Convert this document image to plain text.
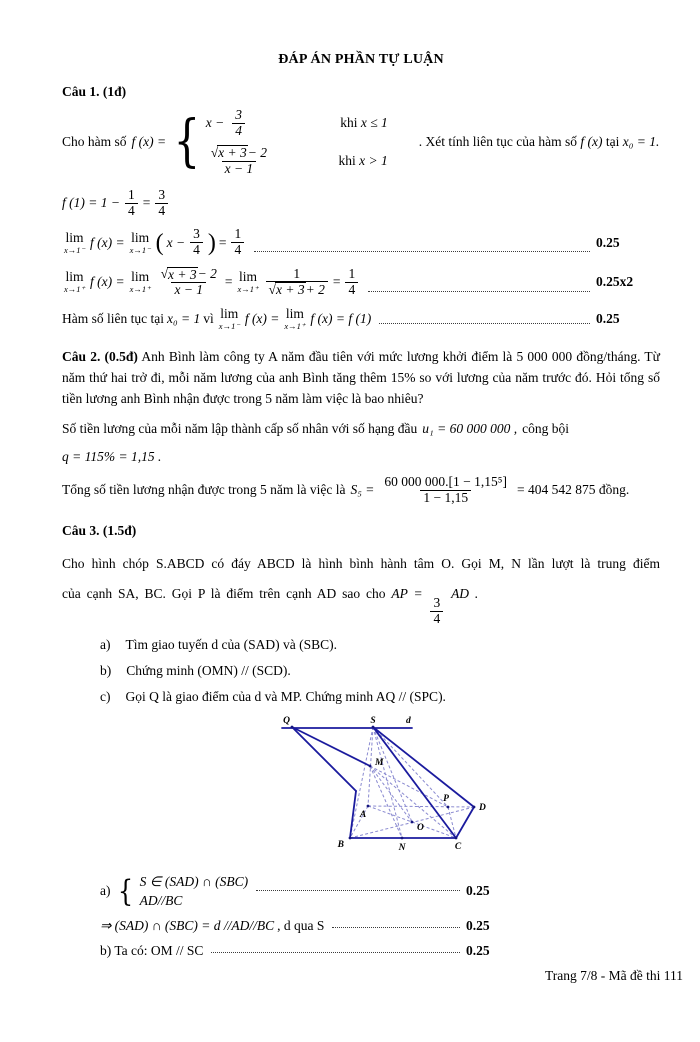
ĐÁP ÁN PHẦN TỰ LUẬN
Câu 1. (1đ)
Cho hàm số f (x) = { $x - \frac{3}{4}$	khi x ≤ 1
$\frac{√ x + 3 - 2}{x - 1}$	khi x > 1
. Xét tính liên tục của hàm số f (x) tại x₀ = 1.
f $(1) = 1 - \frac{1}{4} = \frac{3}{4}$
lim
x→1⁻
f (x) = lim
x→1⁻ ( $x - \frac{3}{4}$ ) = $\frac{1}{4}$	0.25
lim
x→1⁺
f (x) = lim
$x\to 1^+ \frac{√ x + 3 - 2}{x - 1} = \lim$
$x\to 1^+ \frac{1}{√ x + 3 + 2} = \frac{1}{4}$	0.25x2
Hàm số liên tục tại x₀ = 1 vì lim
x→1⁻
f (x) = lim
x→1⁺
f (x) = f (1)	0.25

Câu 2. (0.5đ) Anh Bình làm công ty A năm đầu tiên với mức lương khởi điểm là 5 000 000 đồng/tháng. Từ năm thứ hai trở đi, mỗi năm lương của anh Bình tăng thêm 15% so với lương của năm trước đó. Hỏi tổng số tiền lương anh Bình nhận được trong 5 năm làm việc là bao nhiêu?

Số tiền lương của mỗi năm lập thành cấp số nhân với số hạng đầu u₁ = 60 000 000 , công bội
q = 115% = 1,15 .
Tổng số tiền lương nhận được trong 5 năm là việc là $S_5 = \frac{\text{60 000 000.[1 − 1,15⁵]}}{1 - 1,15} = 404$ 542 875 đồng.
Câu 3. (1.5đ)
Cho hình chóp S.ABCD có đáy ABCD là hình bình hành tâm O. Gọi M, N lần lượt là trung điểm của cạnh SA, BC. Gọi P là điểm trên cạnh AD sao cho AP =
$\frac{3}{4}$
AD .
a) Tìm giao tuyến d của (SAD) và (SBC).
b) Chứng minh (OMN) // (SCD).
c) Gọi Q là giao điểm của d và MP. Chứng minh AQ // (SPC).
Q	S	d
M
A
B	N	C
O
P
D
a) { S ∈ (SAD) ∩ (SBC)
AD//BC
0.25
⇒ (SAD) ∩ (SBC) = d //AD//BC , d qua S	0.25
b) Ta có: OM // SC	0.25
Trang 7/8 - Mã đề thi 111
